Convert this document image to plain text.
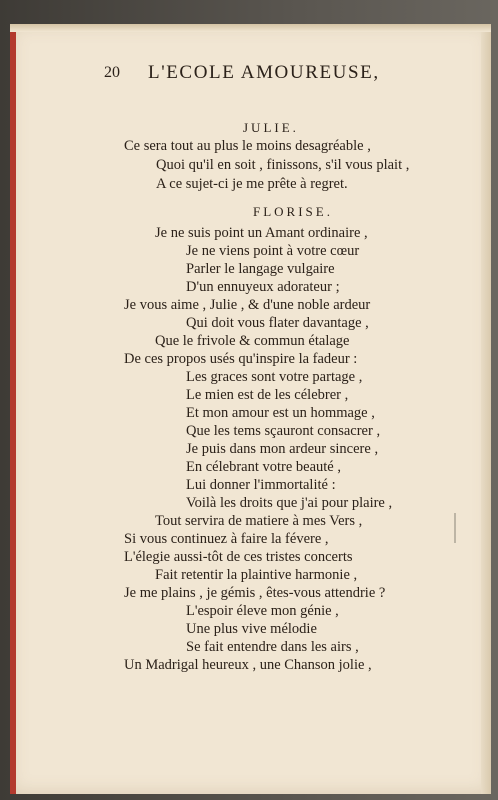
20 L'ECOLE AMOUREUSE,
JULIE.
Ce sera tout au plus le moins desagréable ,
Quoi qu'il en soit , finissons, s'il vous plait ,
A ce sujet-ci je me prête à regret.
FLORISE.
Je ne suis point un Amant ordinaire ,
Je ne viens point à votre cœur
Parler le langage vulgaire
D'un ennuyeux adorateur ;
Je vous aime , Julie , & d'une noble ardeur
Qui doit vous flater davantage ,
Que le frivole & commun étalage
De ces propos usés qu'inspire la fadeur :
Les graces sont votre partage ,
Le mien est de les célebrer ,
Et mon amour est un hommage ,
Que les tems sçauront consacrer ,
Je puis dans mon ardeur sincere ,
En célebrant votre beauté ,
Lui donner l'immortalité :
Voilà les droits que j'ai pour plaire ,
Tout servira de matiere à mes Vers ,
Si vous continuez à faire la févere ,
L'élegie aussi-tôt de ces tristes concerts
Fait retentir la plaintive harmonie ,
Je me plains , je gémis , êtes-vous attendrie ?
L'espoir éleve mon génie ,
Une plus vive mélodie
Se fait entendre dans les airs ,
Un Madrigal heureux , une Chanson jolie ,
